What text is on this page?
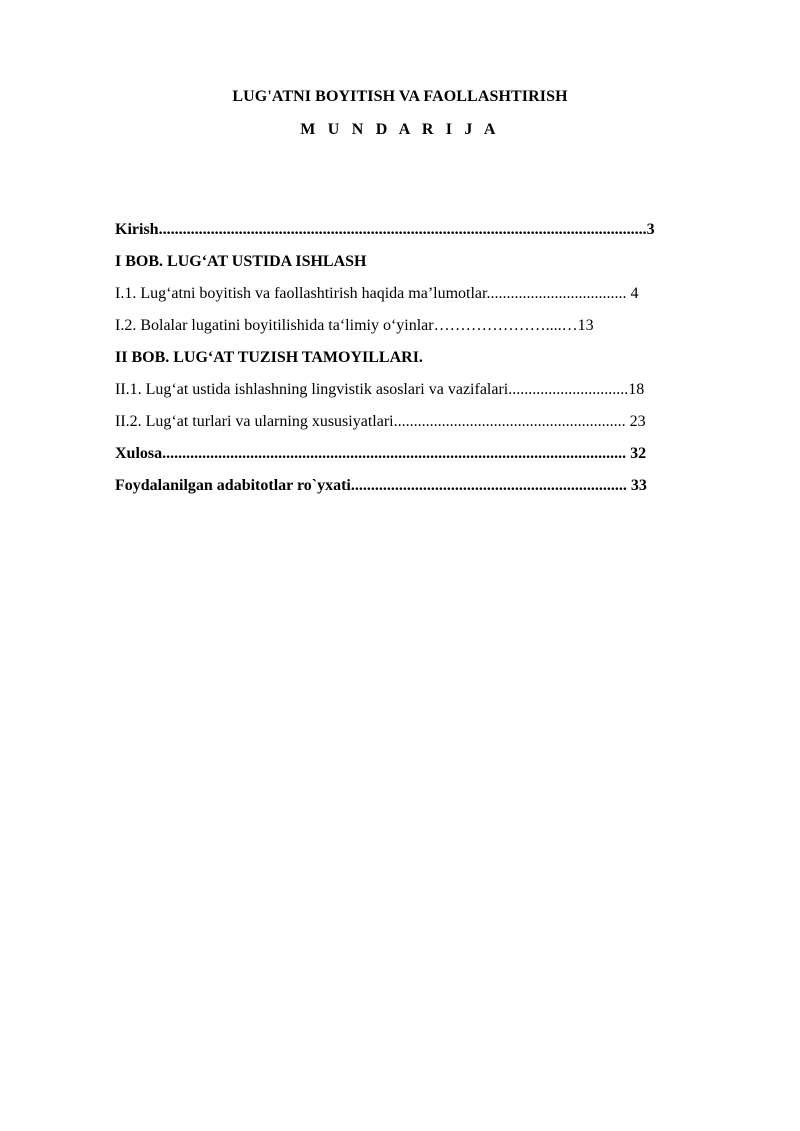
LUG'ATNI BOYITISH VA FAOLLASHTIRISH
M U N D A R I J A
Kirish..........................................................................................................................3
I BOB. LUG‘AT USTIDA ISHLASH
I.1. Lug‘atni boyitish va faollashtirish haqida ma’lumotlar................................... 4
I.2. Bolalar lugatini boyitilishida ta‘limiy o‘yinlar…………………....…13
II BOB. LUG‘AT TUZISH TAMOYILLARI.
II.1. Lug‘at ustida ishlashning lingvistik asoslari va vazifalari..............................18
II.2. Lug‘at turlari va ularning xususiyatlari.......................................................... 23
Xulosa.................................................................................................................... 32
Foydalanilgan adabitotlar ro`yxati..................................................................... 33
